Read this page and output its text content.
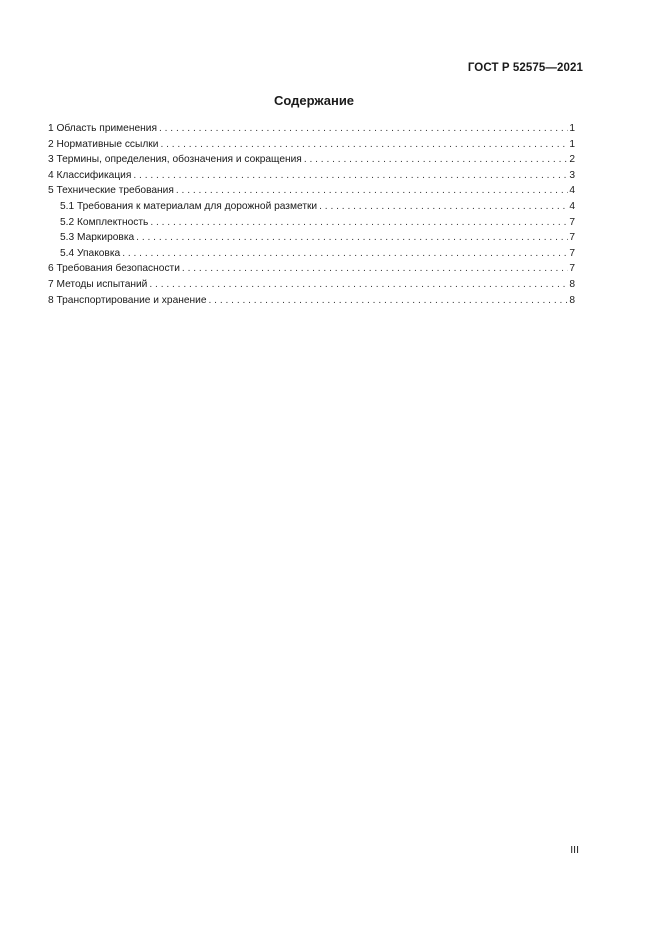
ГОСТ Р 52575—2021
Содержание
1 Область применения . . .	1
2 Нормативные ссылки . . .	1
3 Термины, определения, обозначения и сокращения . . .	2
4 Классификация . . .	3
5 Технические требования . . .	4
5.1 Требования к материалам для дорожной разметки . . .	4
5.2 Комплектность . . .	7
5.3 Маркировка . . .	7
5.4 Упаковка . . .	7
6 Требования безопасности . . .	7
7 Методы испытаний . . .	8
8 Транспортирование и хранение . . .	8
III
